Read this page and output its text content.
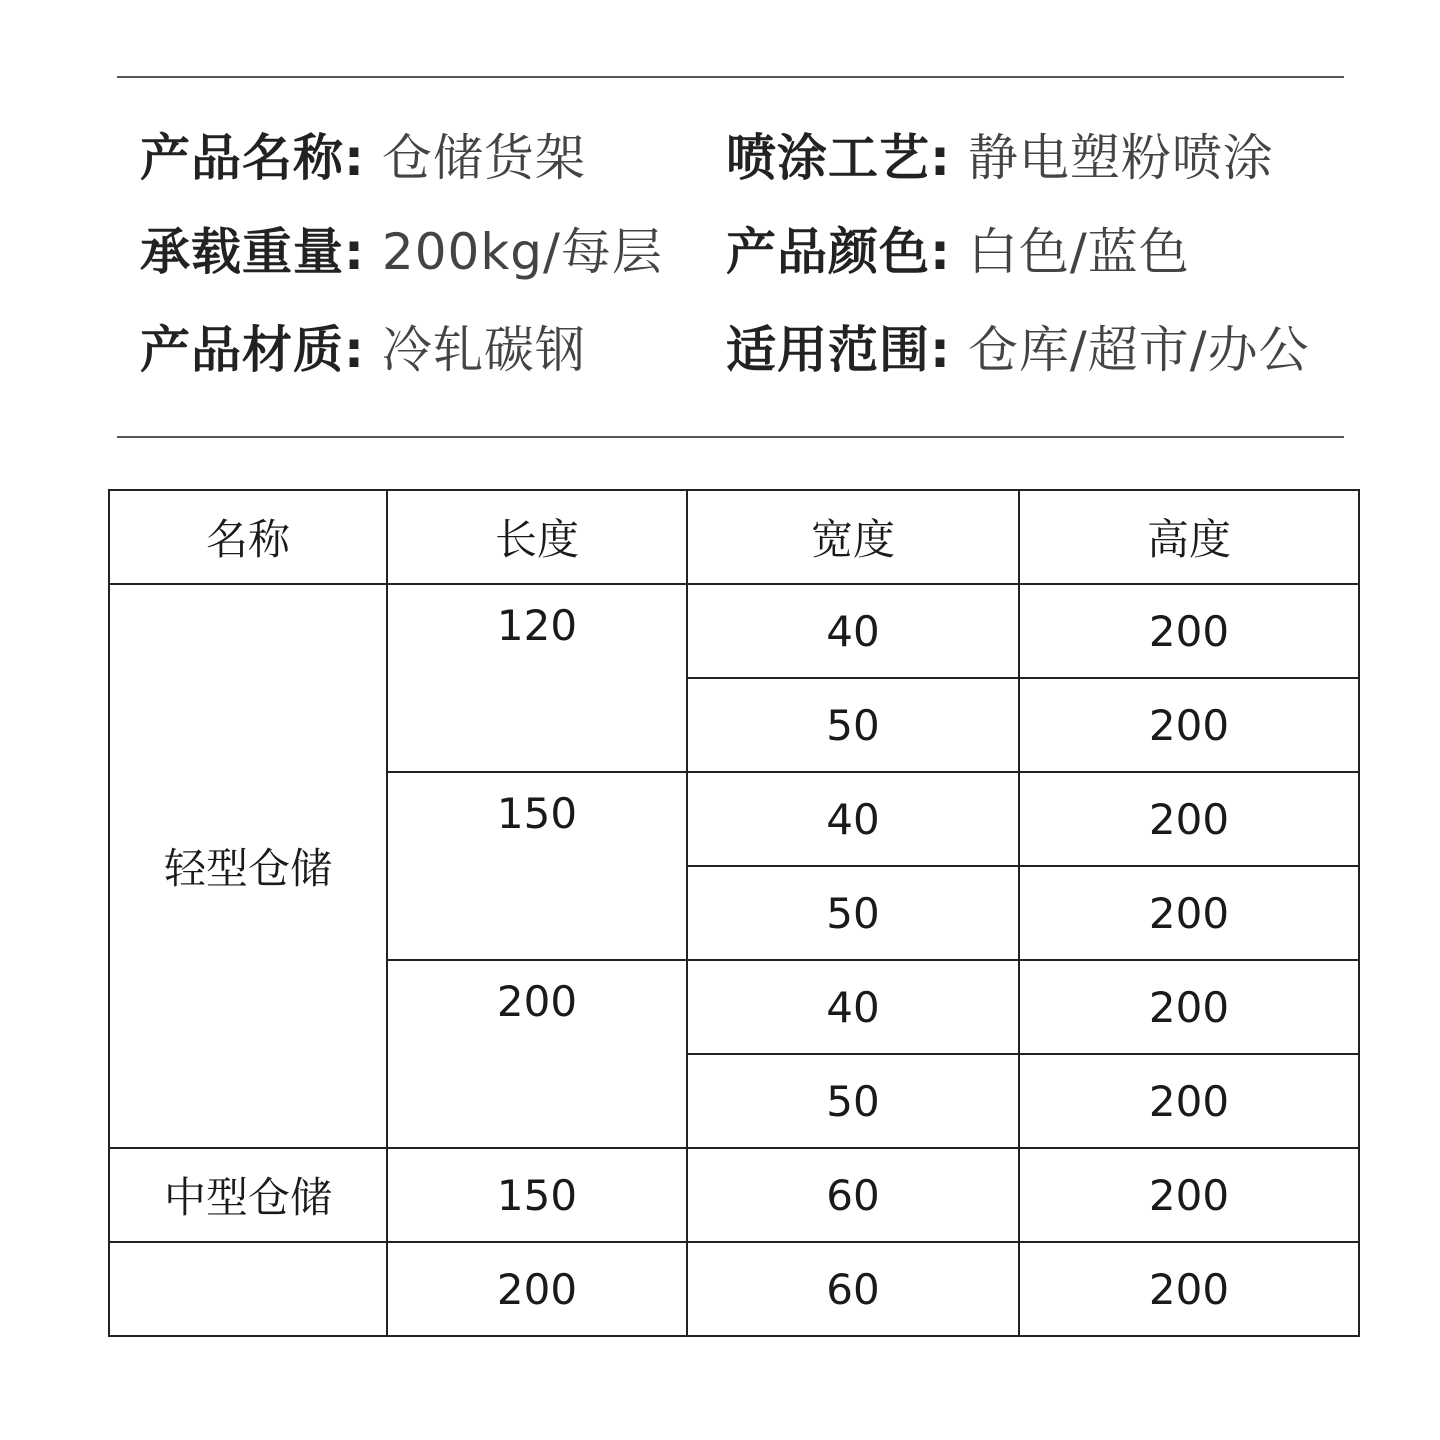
产品名称: 仓储货架	喷涂工艺: 静电塑粉喷涂
承载重量: 200kg/每层 产品颜色: 白色/蓝色
产品材质: 冷轧碳钢	适用范围: 仓库/超市/办公
名称	长度	宽度	高度
轻型仓储	120	40	200
		50	200
	150	40	200
		50	200
	200	40	200
		50	200
中型仓储	150	60	200
	200	60	200
